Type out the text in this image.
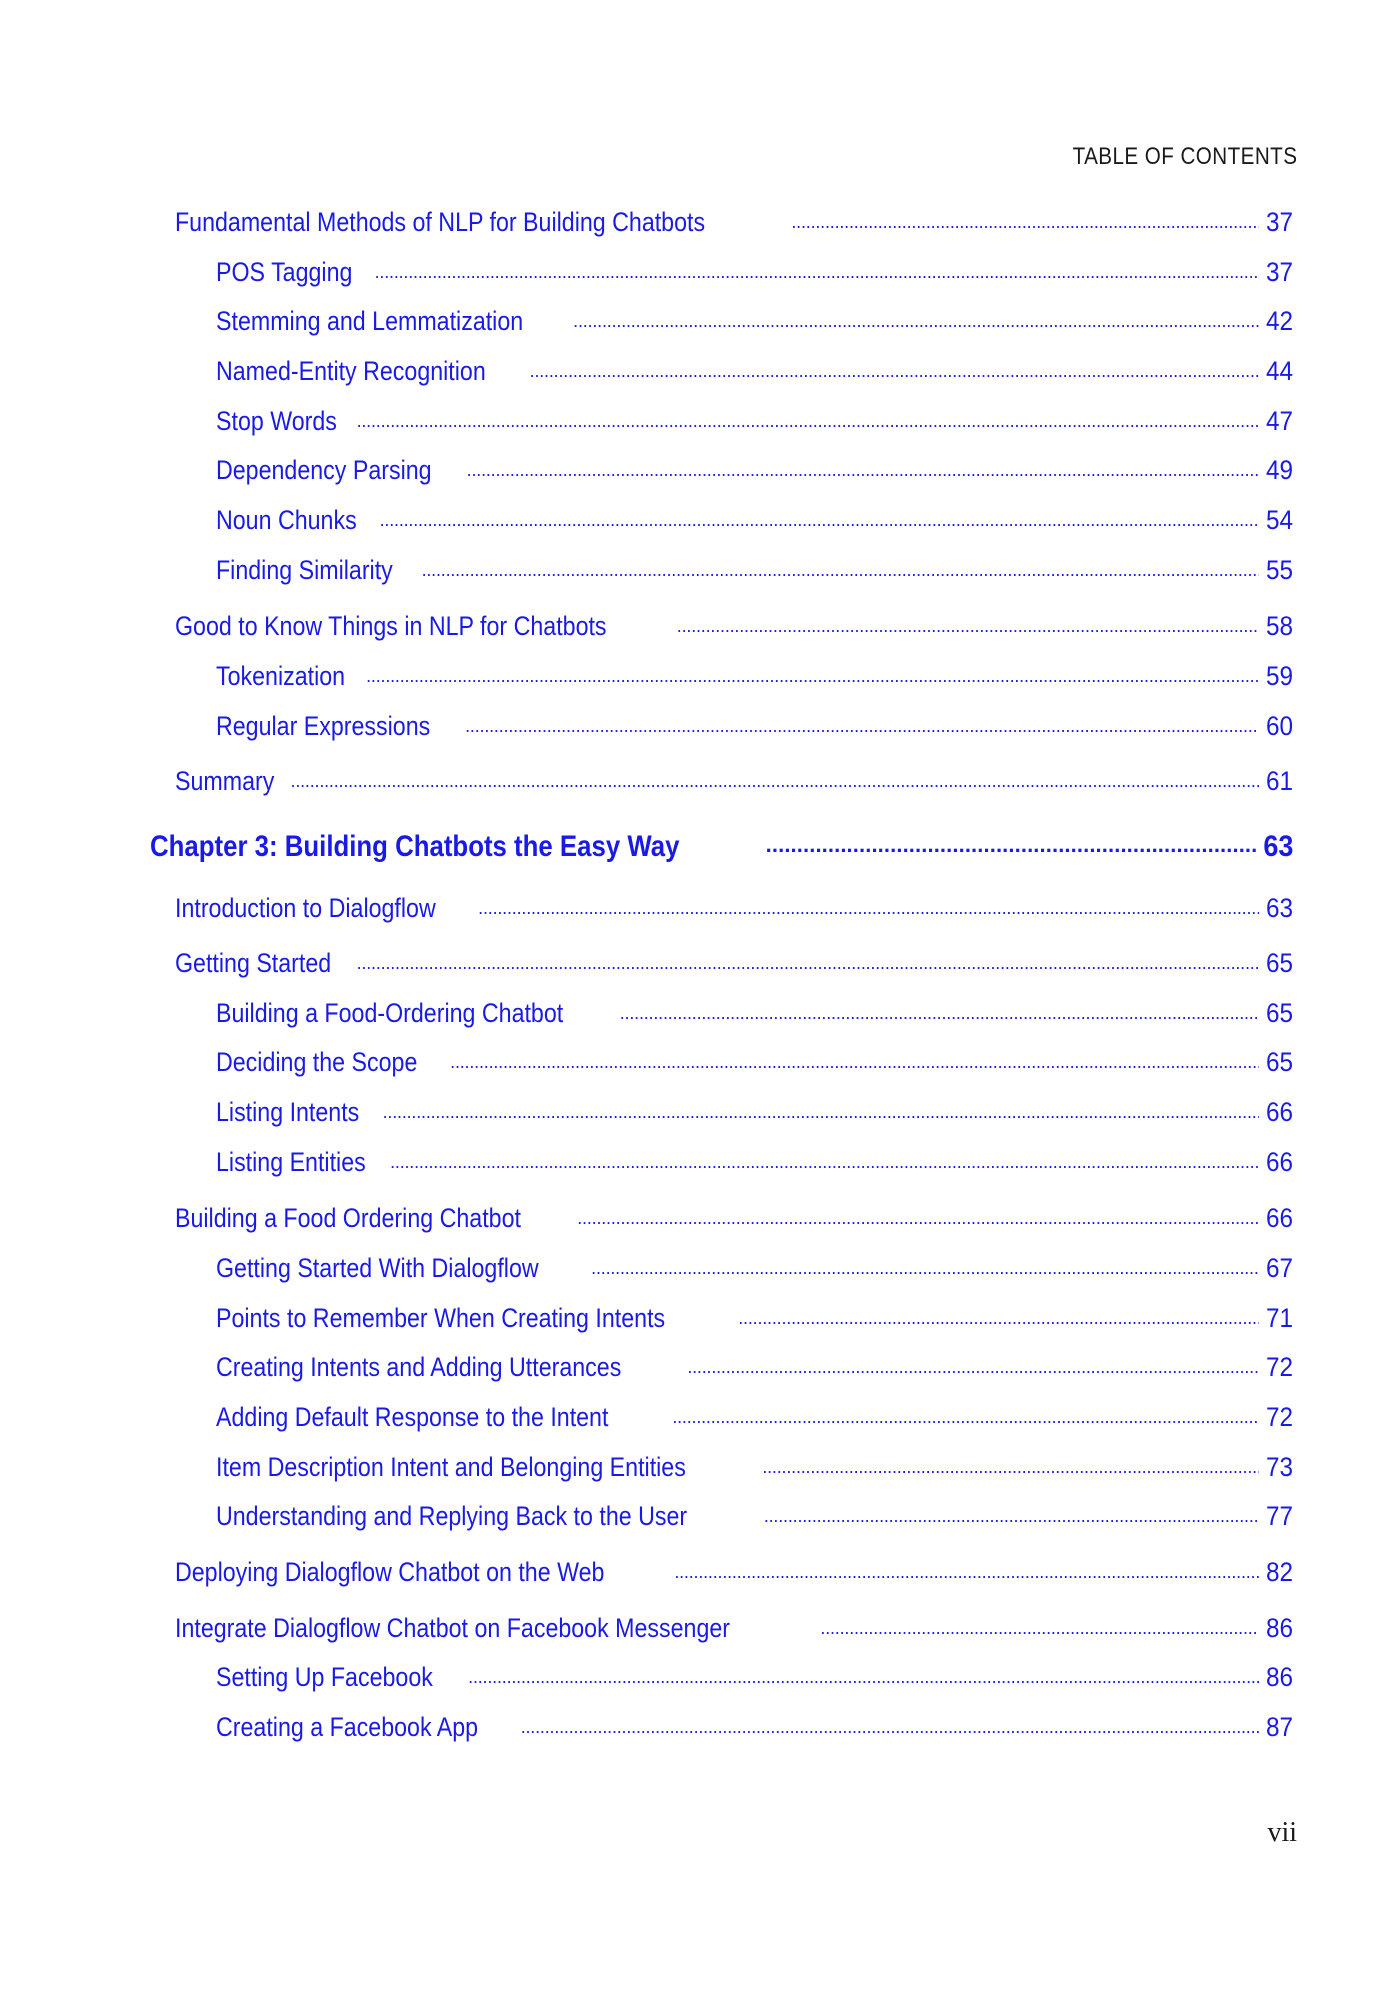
TABLE OF CONTENTS
Fundamental Methods of NLP for Building Chatbots . . .	37
POS Tagging . . .	37
Stemming and Lemmatization . . .	42
Named-Entity Recognition . . .	44
Stop Words . . .	47
Dependency Parsing . . .	49
Noun Chunks . . .	54
Finding Similarity . . .	55
Good to Know Things in NLP for Chatbots . . .	58
Tokenization . . .	59
Regular Expressions . . .	60
Summary . . .	61
Chapter 3: Building Chatbots the Easy Way . . .	63
Introduction to Dialogflow . . .	63
Getting Started . . .	65
Building a Food-Ordering Chatbot . . .	65
Deciding the Scope . . .	65
Listing Intents . . .	66
Listing Entities . . .	66
Building a Food Ordering Chatbot . . .	66
Getting Started With Dialogflow . . .	67
Points to Remember When Creating Intents . . .	71
Creating Intents and Adding Utterances . . .	72
Adding Default Response to the Intent . . .	72
Item Description Intent and Belonging Entities . . .	73
Understanding and Replying Back to the User . . .	77
Deploying Dialogflow Chatbot on the Web . . .	82
Integrate Dialogflow Chatbot on Facebook Messenger . . .	86
Setting Up Facebook . . .	86
Creating a Facebook App . . .	87
vii
